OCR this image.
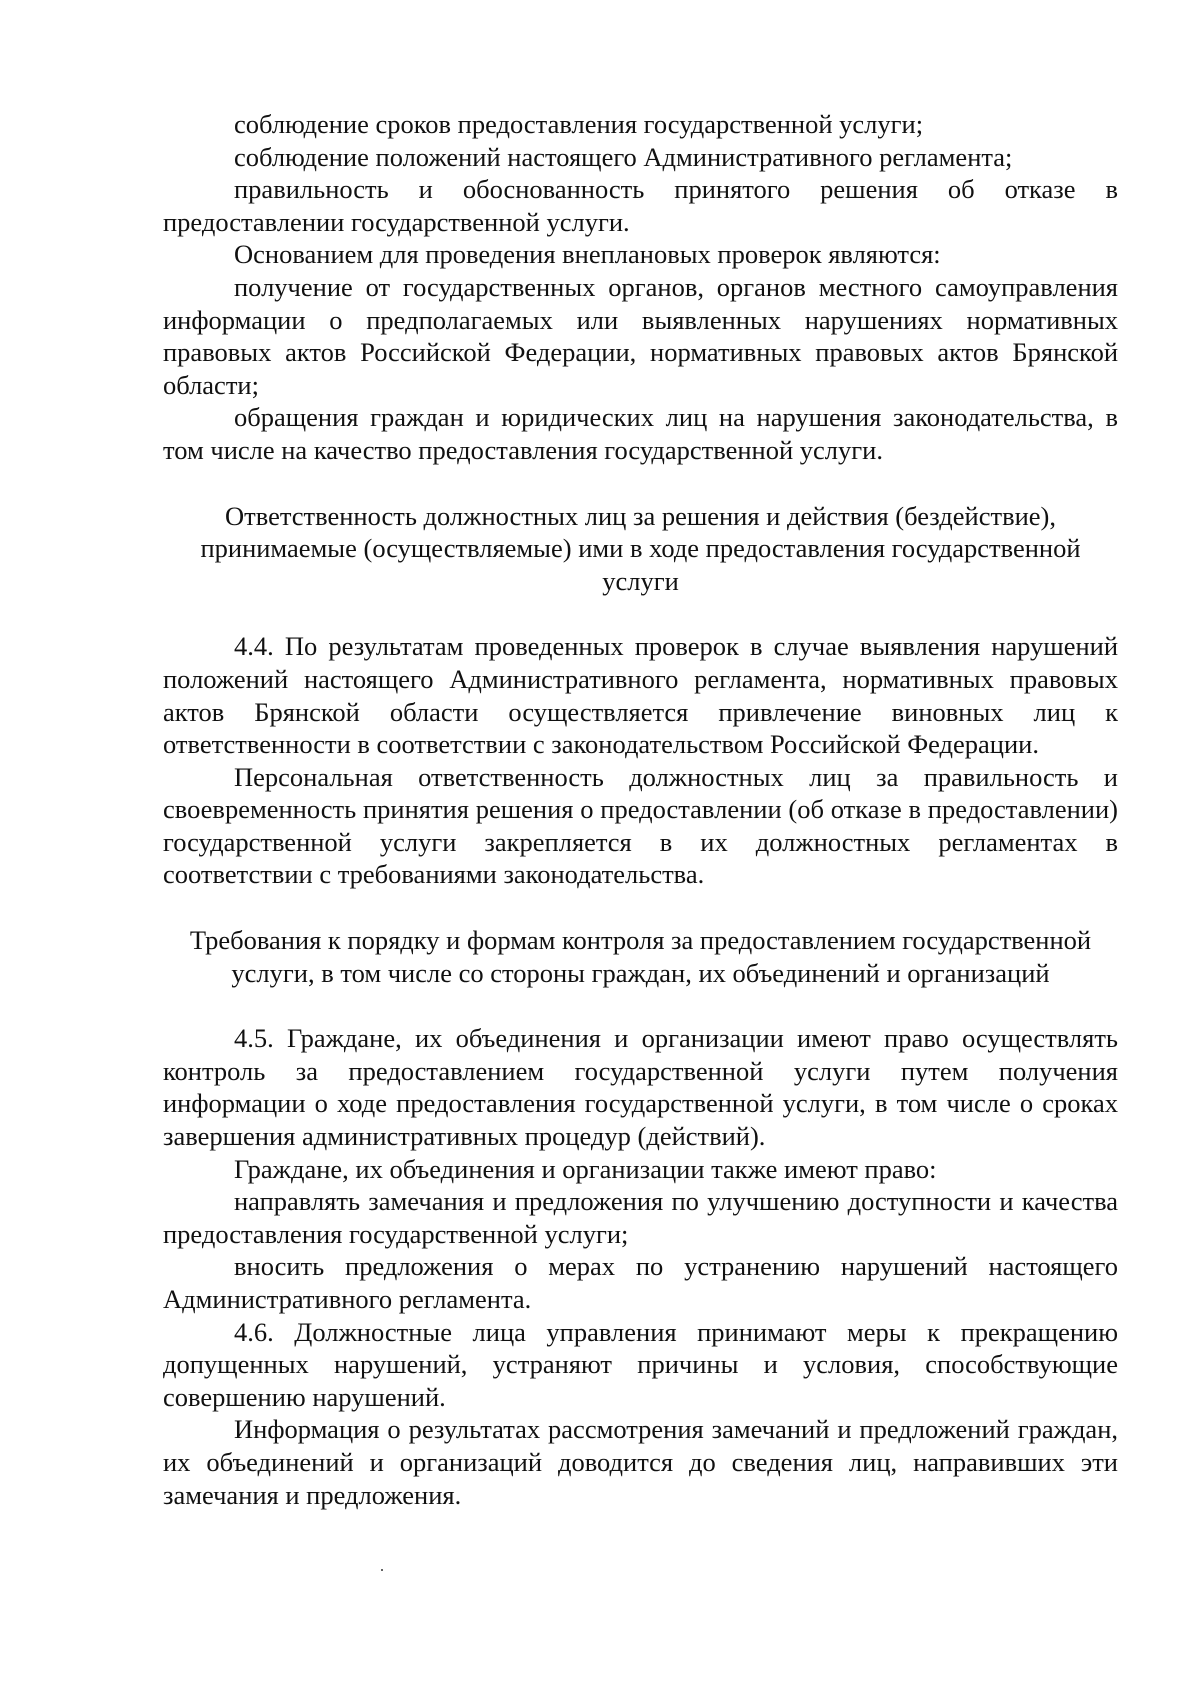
соблюдение сроков предоставления государственной услуги;

соблюдение положений настоящего Административного регламента;

правильность и обоснованность принятого решения об отказе в предоставлении государственной услуги.

Основанием для проведения внеплановых проверок являются:

получение от государственных органов, органов местного самоуправления информации о предполагаемых или выявленных нарушениях нормативных правовых актов Российской Федерации, нормативных правовых актов Брянской области;

обращения граждан и юридических лиц на нарушения законодательства, в том числе на качество предоставления государственной услуги.

Ответственность должностных лиц за решения и действия (бездействие), принимаемые (осуществляемые) ими в ходе предоставления государственной услуги

4.4. По результатам проведенных проверок в случае выявления нарушений положений настоящего Административного регламента, нормативных правовых актов Брянской области осуществляется привлечение виновных лиц к ответственности в соответствии с законодательством Российской Федерации.

Персональная ответственность должностных лиц за правильность и своевременность принятия решения о предоставлении (об отказе в предоставлении) государственной услуги закрепляется в их должностных регламентах в соответствии с требованиями законодательства.

Требования к порядку и формам контроля за предоставлением государственной услуги, в том числе со стороны граждан, их объединений и организаций

4.5. Граждане, их объединения и организации имеют право осуществлять контроль за предоставлением государственной услуги путем получения информации о ходе предоставления государственной услуги, в том числе о сроках завершения административных процедур (действий).

Граждане, их объединения и организации также имеют право:

направлять замечания и предложения по улучшению доступности и качества предоставления государственной услуги;

вносить предложения о мерах по устранению нарушений настоящего Административного регламента.

4.6. Должностные лица управления принимают меры к прекращению допущенных нарушений, устраняют причины и условия, способствующие совершению нарушений.

Информация о результатах рассмотрения замечаний и предложений граждан, их объединений и организаций доводится до сведения лиц, направивших эти замечания и предложения.
